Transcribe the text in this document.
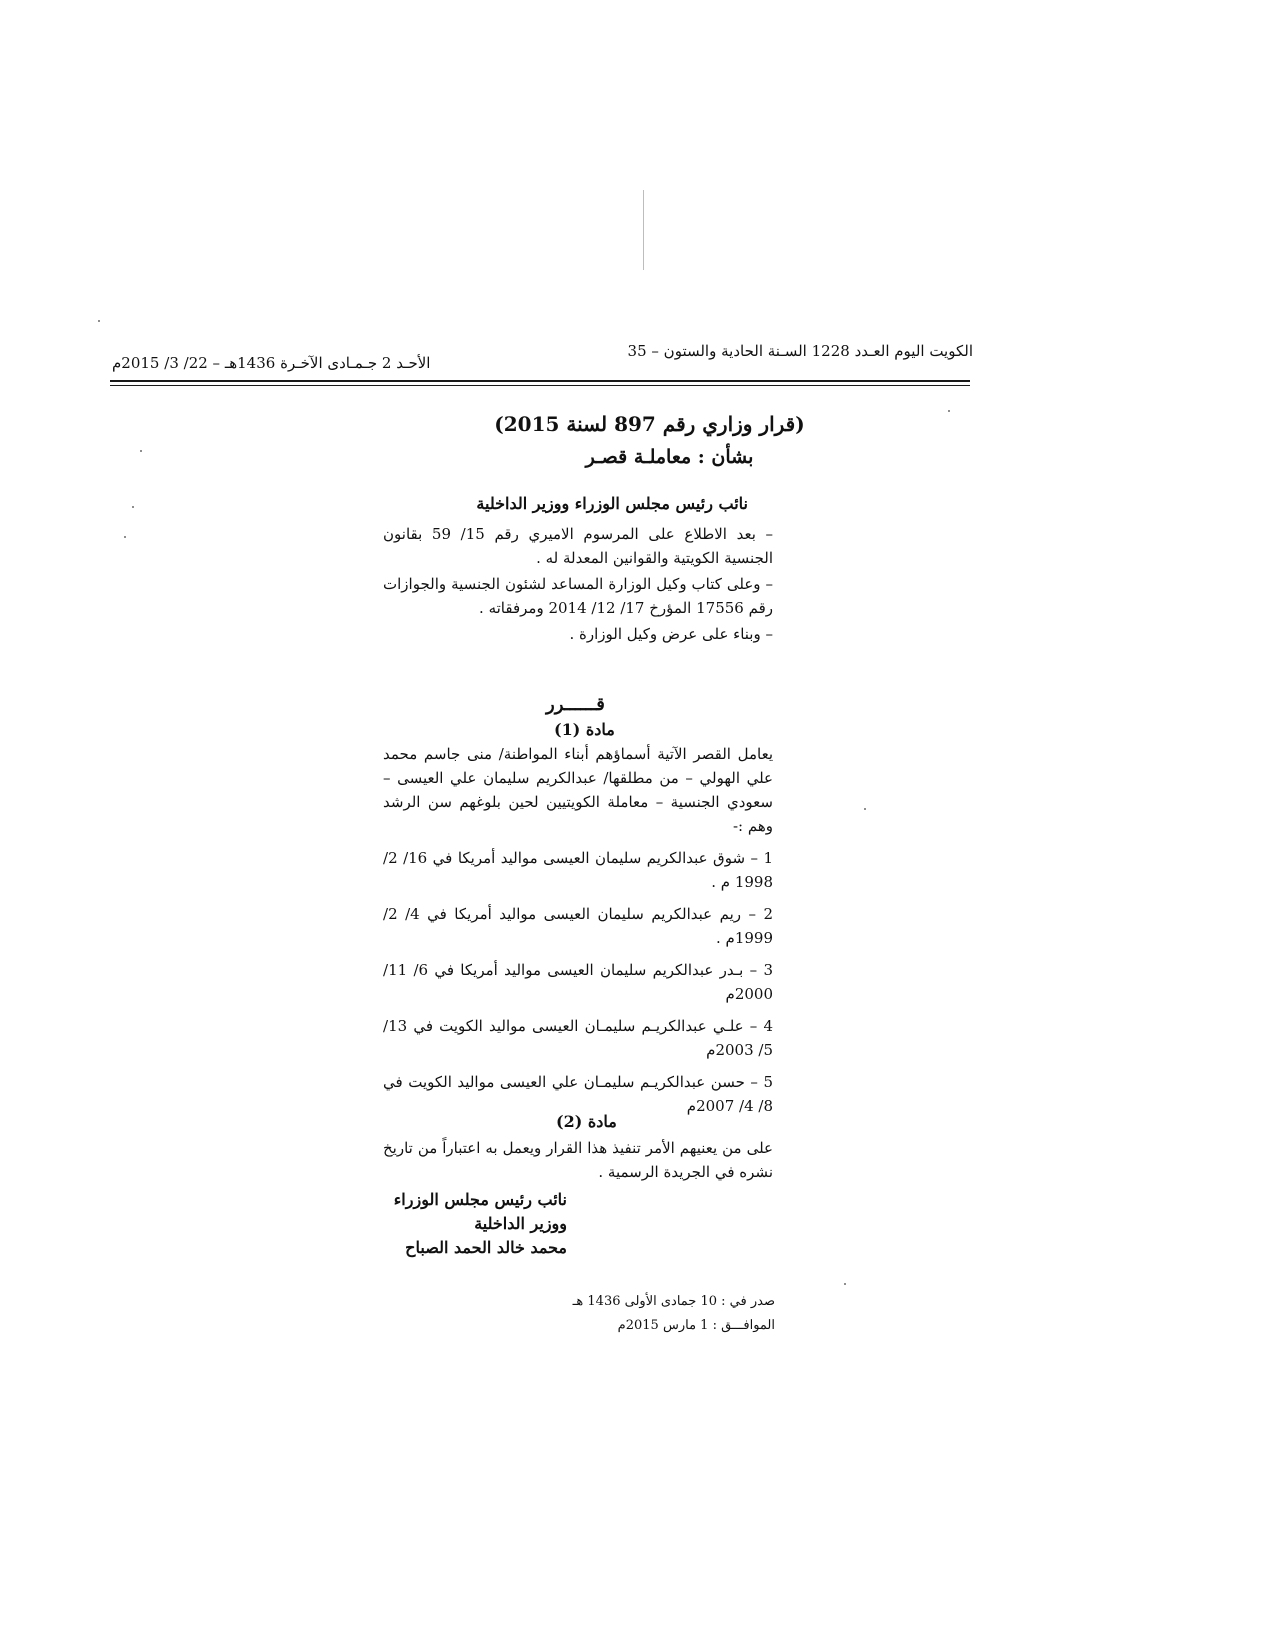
الكويت اليوم العـدد 1228 السـنة الحادية والستون – 35
الأحـد 2 جـمـادى الآخـرة 1436هـ – 22/ 3/ 2015م
(قرار وزاري رقم 897 لسنة 2015)
بشأن : معاملـة قصـر
نائب رئيس مجلس الوزراء ووزير الداخلية

– بعد الاطلاع على المرسوم الاميري رقم 15/ 59 بقانون الجنسية الكويتية والقوانين المعدلة له .

– وعلى كتاب وكيل الوزارة المساعد لشئون الجنسية والجوازات رقم 17556 المؤرخ 17/ 12/ 2014 ومرفقاته .

– وبناء على عرض وكيل الوزارة .

قــــــرر
مادة (1)

يعامل القصر الآتية أسماؤهم أبناء المواطنة/ منى جاسم محمد علي الهولي – من مطلقها/ عبدالكريم سليمان علي العيسى – سعودي الجنسية – معاملة الكويتيين لحين بلوغهم سن الرشد وهم :-

1 – شوق عبدالكريم سليمان العيسى مواليد أمريكا في 16/ 2/ 1998 م .

2 – ريم عبدالكريم سليمان العيسى مواليد أمريكا في 4/ 2/ 1999م .

3 – بـدر عبدالكريم سليمان العيسى مواليد أمريكا في 6/ 11/ 2000م

4 – علـي عبدالكريـم سليمـان العيسى مواليد الكويت في 13/ 5/ 2003م

5 – حسن عبدالكريـم سليمـان علي العيسى مواليد الكويت في 8/ 4/ 2007م

مادة (2)

على من يعنيهم الأمر تنفيذ هذا القرار ويعمل به اعتباراً من تاريخ نشره في الجريدة الرسمية .

نائب رئيس مجلس الوزراء
ووزير الداخلية
محمد خالد الحمد الصباح
صدر في : 10 جمادى الأولى 1436 هـ
الموافـــق : 1 مارس 2015م
